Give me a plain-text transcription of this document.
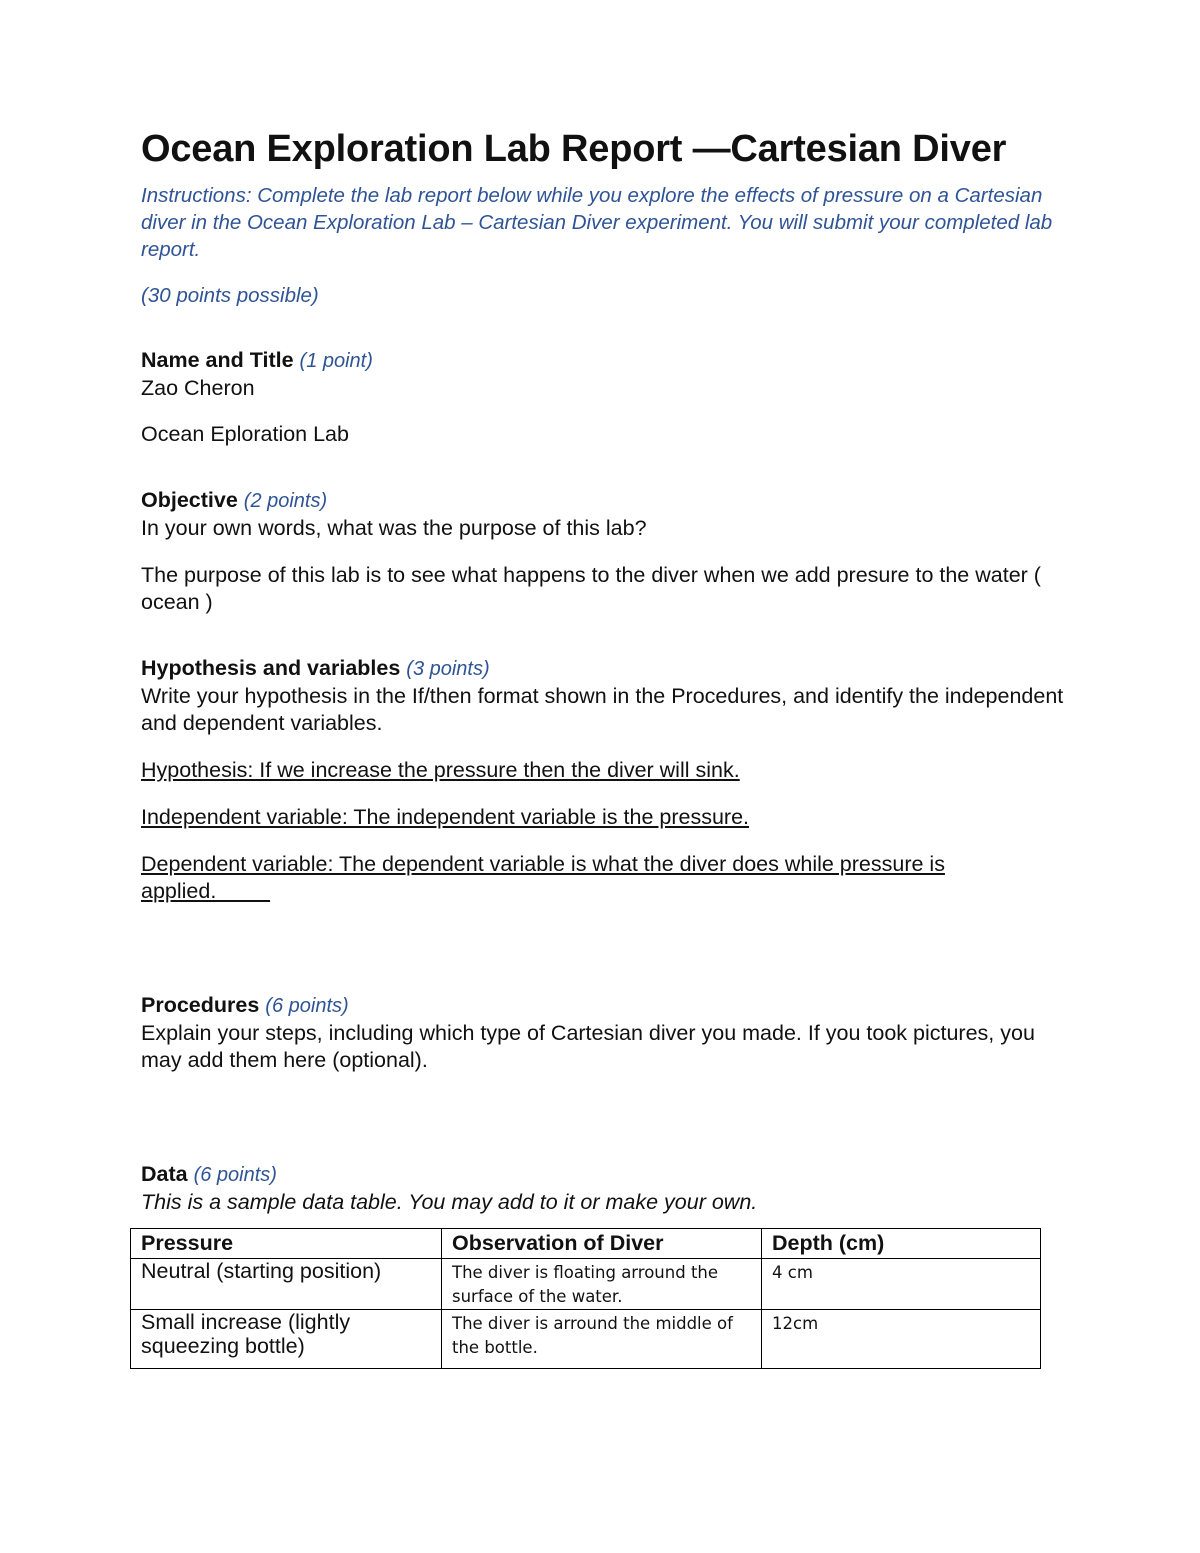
Ocean Exploration Lab Report —Cartesian Diver

Instructions: Complete the lab report below while you explore the effects of pressure on a Cartesian diver in the Ocean Exploration Lab – Cartesian Diver experiment. You will submit your completed lab report.

(30 points possible)

Name and Title (1 point)

Zao Cheron

Ocean Eploration Lab

Objective (2 points)

In your own words, what was the purpose of this lab?

The purpose of this lab is to see what happens to the diver when we add presure to the water ( ocean )

Hypothesis and variables (3 points)

Write your hypothesis in the If/then format shown in the Procedures, and identify the independent and dependent variables.

Hypothesis: If we increase the pressure then the diver will sink.

Independent variable: The independent variable is the pressure.

Dependent variable: The dependent variable is what the diver does while pressure is applied.

Procedures (6 points)

Explain your steps, including which type of Cartesian diver you made. If you took pictures, you may add them here (optional).

Data (6 points)

This is a sample data table. You may add to it or make your own.

Pressure	Observation of Diver	Depth (cm)
Neutral (starting position)	The diver is floating arround the surface of the water.	4 cm
Small increase (lightly squeezing bottle)	The diver is arround the middle of the bottle.	12cm
